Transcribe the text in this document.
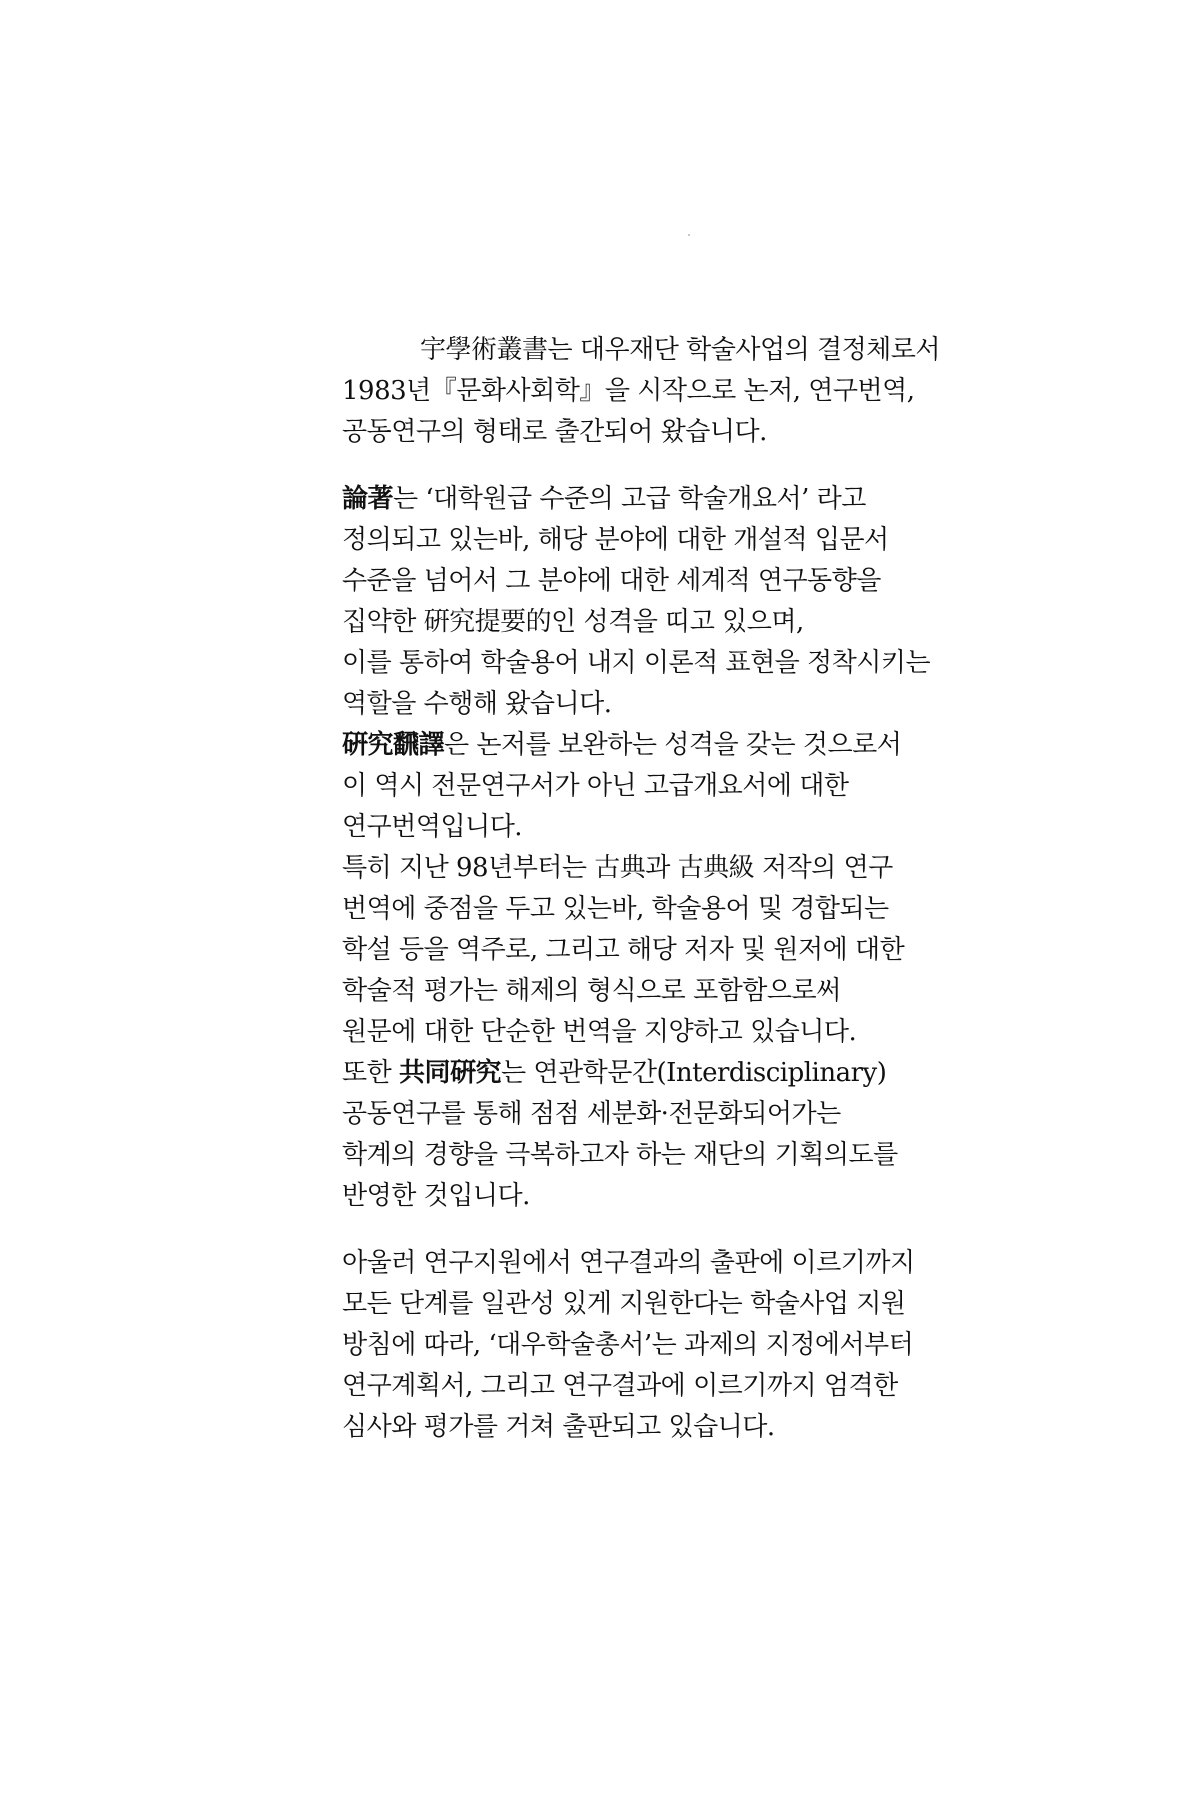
宇學術叢書는 대우재단 학술사업의 결정체로서
1983년『문화사회학』을 시작으로 논저, 연구번역,
공동연구의 형태로 출간되어 왔습니다.
論著는 ‘대학원급 수준의 고급 학술개요서’ 라고
정의되고 있는바, 해당 분야에 대한 개설적 입문서
수준을 넘어서 그 분야에 대한 세계적 연구동향을
집약한 硏究提要的인 성격을 띠고 있으며,
이를 통하여 학술용어 내지 이론적 표현을 정착시키는
역할을 수행해 왔습니다.
硏究飜譯은 논저를 보완하는 성격을 갖는 것으로서
이 역시 전문연구서가 아닌 고급개요서에 대한
연구번역입니다.
특히 지난 98년부터는 古典과 古典級 저작의 연구
번역에 중점을 두고 있는바, 학술용어 및 경합되는
학설 등을 역주로, 그리고 해당 저자 및 원저에 대한
학술적 평가는 해제의 형식으로 포함함으로써
원문에 대한 단순한 번역을 지양하고 있습니다.
또한 共同硏究는 연관학문간(Interdisciplinary)
공동연구를 통해 점점 세분화·전문화되어가는
학계의 경향을 극복하고자 하는 재단의 기획의도를
반영한 것입니다.
아울러 연구지원에서 연구결과의 출판에 이르기까지
모든 단계를 일관성 있게 지원한다는 학술사업 지원
방침에 따라, ‘대우학술총서’는 과제의 지정에서부터
연구계획서, 그리고 연구결과에 이르기까지 엄격한
심사와 평가를 거쳐 출판되고 있습니다.
